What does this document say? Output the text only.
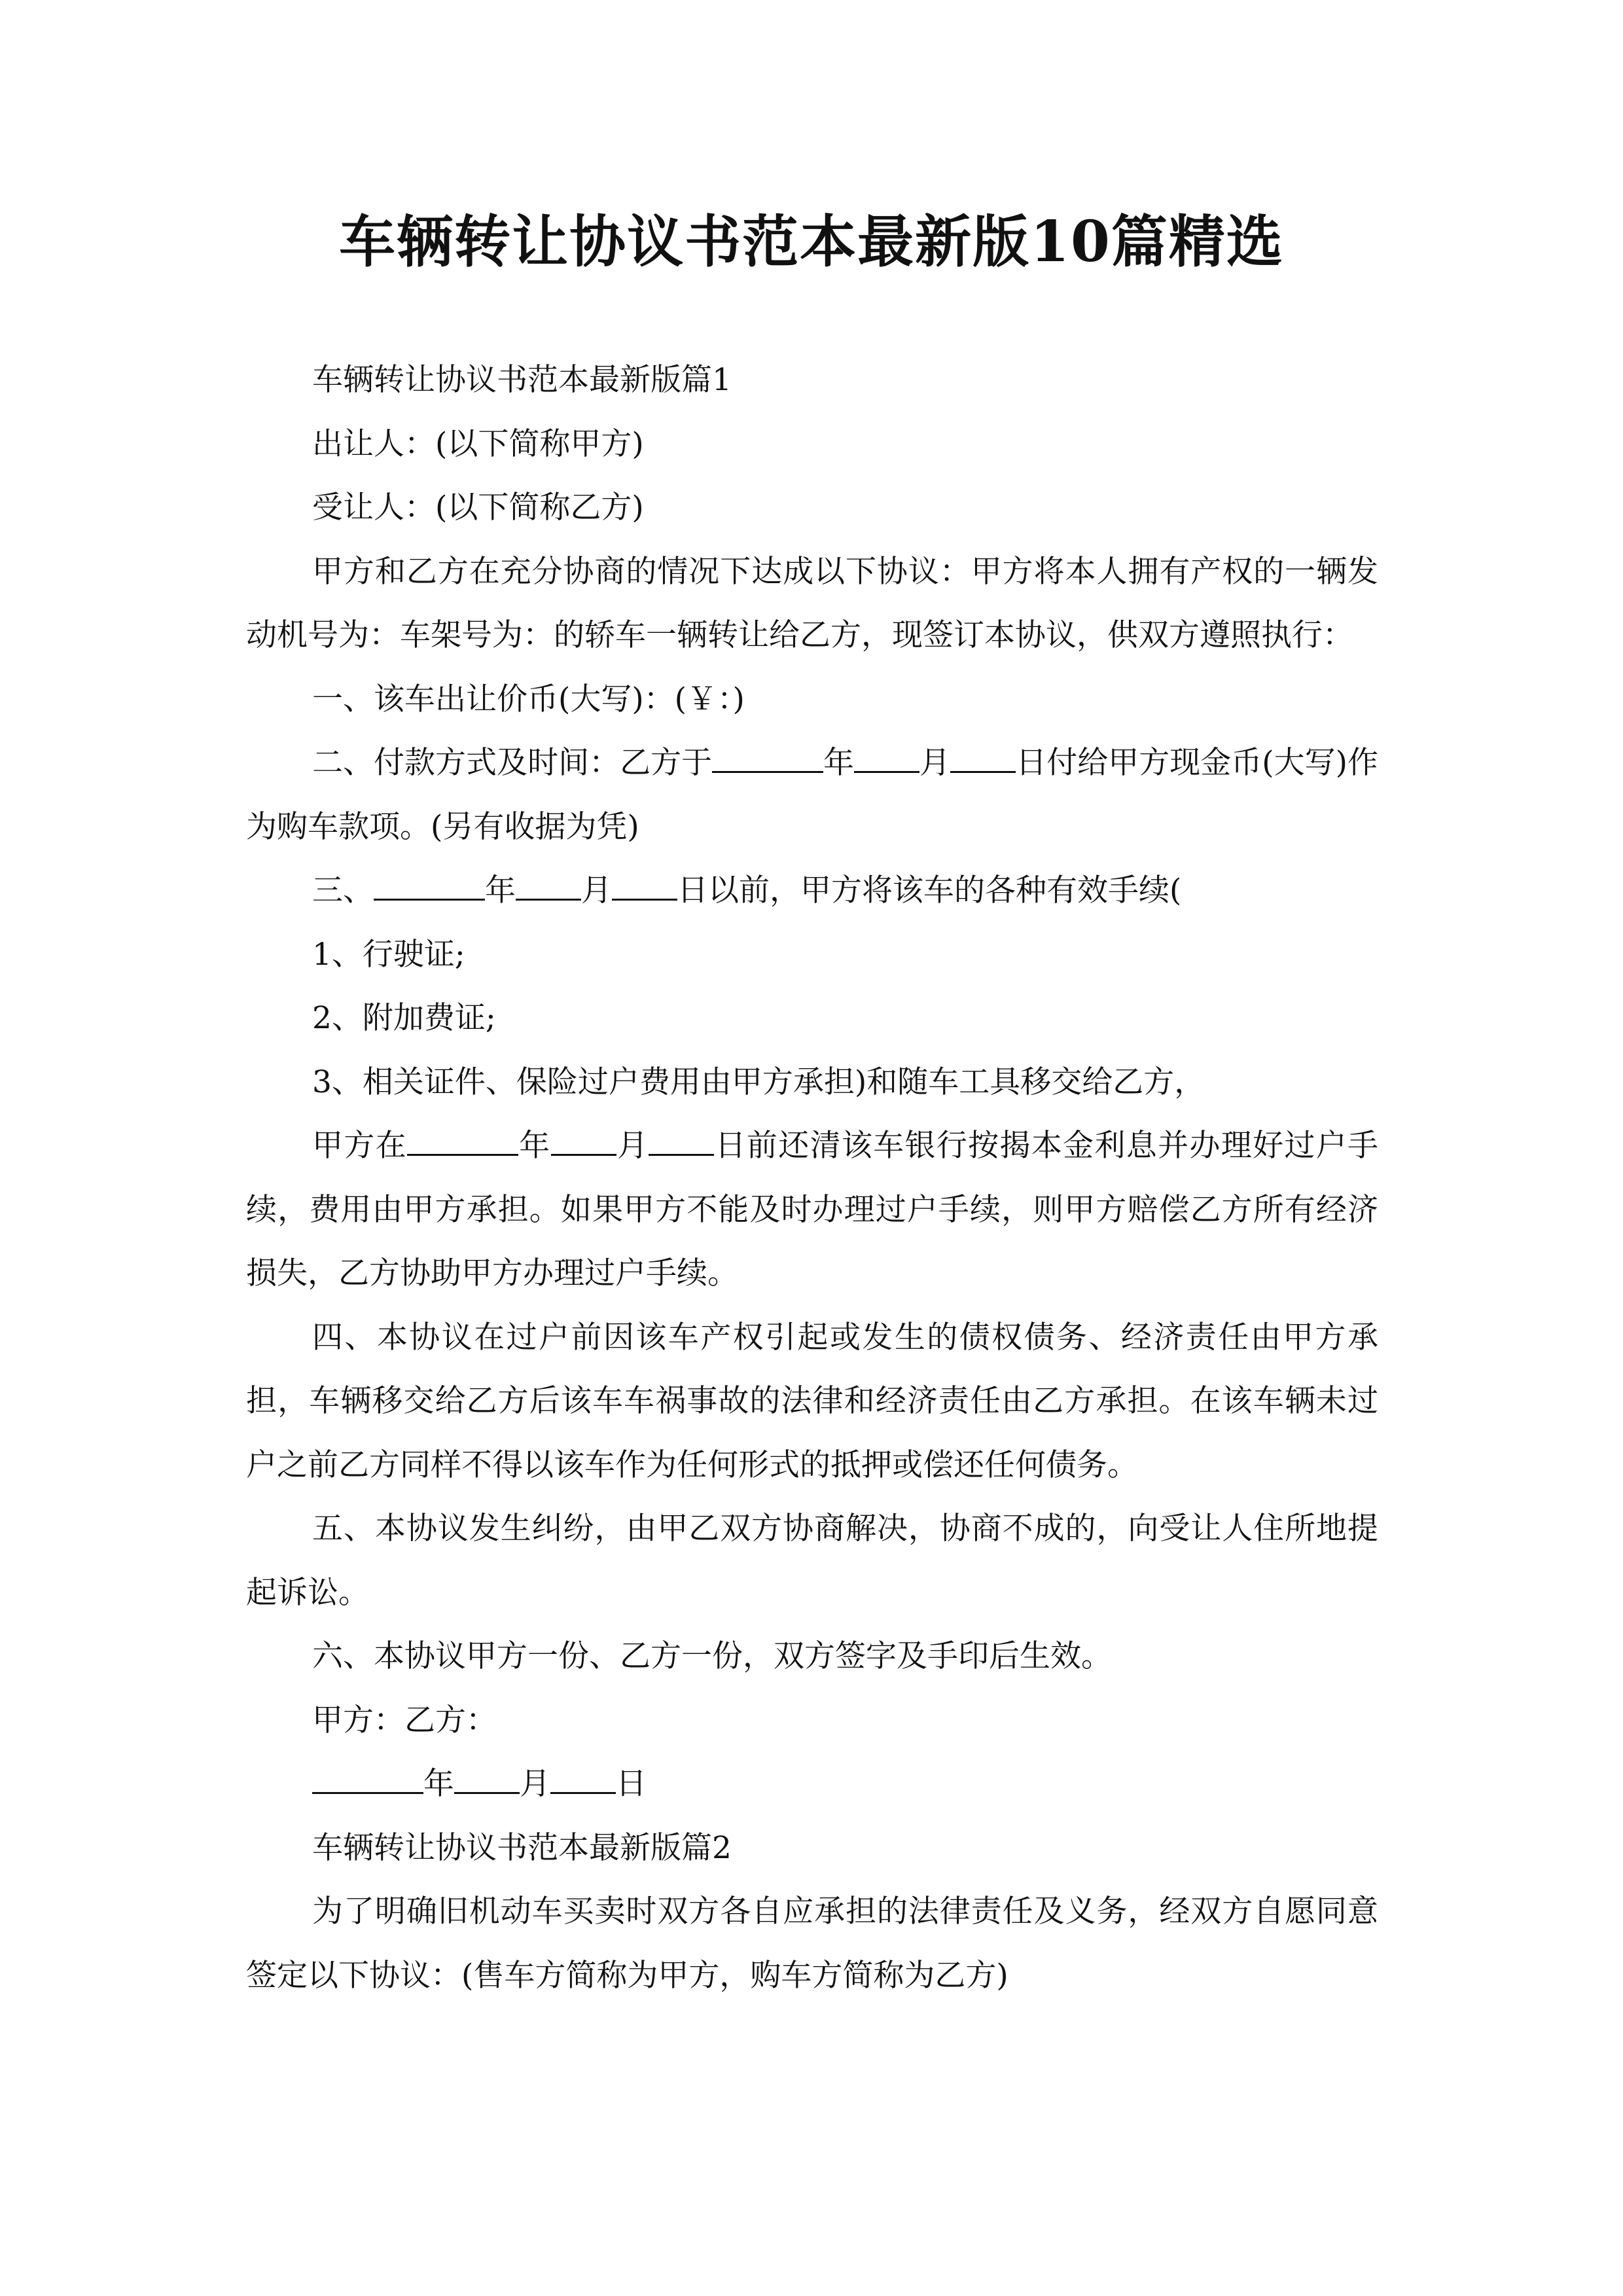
车辆转让协议书范本最新版10篇精选

车辆转让协议书范本最新版篇1

出让人：(以下简称甲方)

受让人：(以下简称乙方)

甲方和乙方在充分协商的情况下达成以下协议：甲方将本人拥有产权的一辆发动机号为：车架号为：的轿车一辆转让给乙方，现签订本协议，供双方遵照执行：

一、该车出让价币(大写)：(￥：)

二、付款方式及时间：乙方于	年 月 日付给甲方现金币(大写)作为购车款项。(另有收据为凭)

三、	年 月 日以前，甲方将该车的各种有效手续(

1、行驶证;

2、附加费证;

3、相关证件、保险过户费用由甲方承担)和随车工具移交给乙方，

甲方在	年 月 日前还清该车银行按揭本金利息并办理好过户手续，费用由甲方承担。如果甲方不能及时办理过户手续，则甲方赔偿乙方所有经济损失，乙方协助甲方办理过户手续。

四、本协议在过户前因该车产权引起或发生的债权债务、经济责任由甲方承担，车辆移交给乙方后该车车祸事故的法律和经济责任由乙方承担。在该车辆未过户之前乙方同样不得以该车作为任何形式的抵押或偿还任何债务。

五、本协议发生纠纷，由甲乙双方协商解决，协商不成的，向受让人住所地提起诉讼。

六、本协议甲方一份、乙方一份，双方签字及手印后生效。

甲方：乙方：

年 月 日

车辆转让协议书范本最新版篇2

为了明确旧机动车买卖时双方各自应承担的法律责任及义务，经双方自愿同意签定以下协议：(售车方简称为甲方，购车方简称为乙方)
